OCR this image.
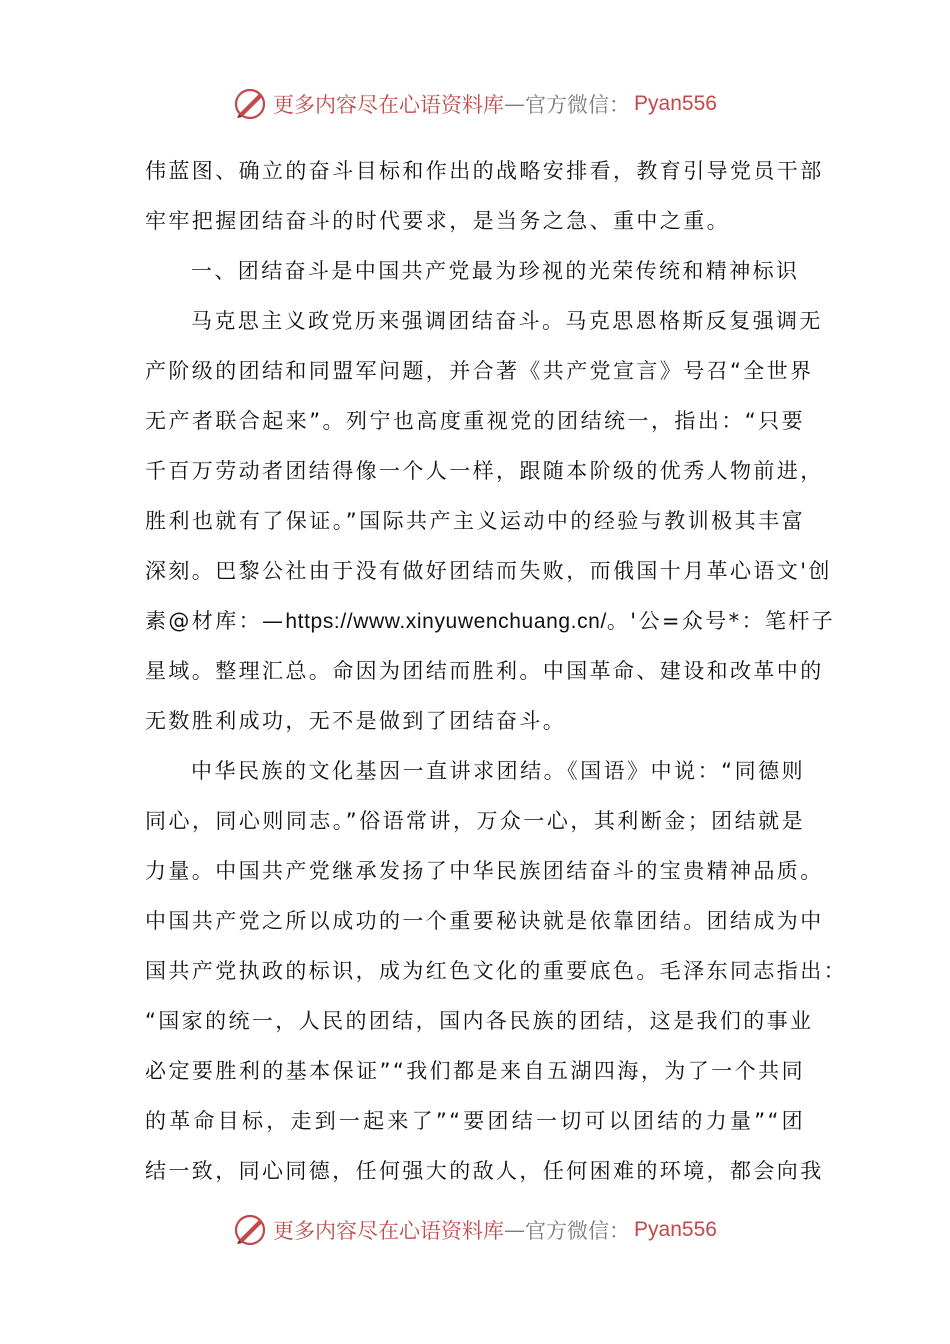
更多内容尽在心语资料库 — 官方微信： Pyan556
伟蓝图、确立的奋斗目标和作出的战略安排看，教育引导党员干部
牢牢把握团结奋斗的时代要求，是当务之急、重中之重。
一、团结奋斗是中国共产党最为珍视的光荣传统和精神标识
马克思主义政党历来强调团结奋斗。马克思恩格斯反复强调无
产阶级的团结和同盟军问题，并合著《共产党宣言》号召“全世界
无产者联合起来”。列宁也高度重视党的团结统一，指出：“只要
千百万劳动者团结得像一个人一样，跟随本阶级的优秀人物前进，
胜利也就有了保证。”国际共产主义运动中的经验与教训极其丰富
深刻。巴黎公社由于没有做好团结而失败，而俄国十月革心语文'创
素@材库：—https://www.xinyuwenchuang.cn/。'公=众号*：笔杆子
星域。整理汇总。命因为团结而胜利。中国革命、建设和改革中的
无数胜利成功，无不是做到了团结奋斗。
中华民族的文化基因一直讲求团结。《国语》中说：“同德则
同心，同心则同志。”俗语常讲，万众一心，其利断金；团结就是
力量。中国共产党继承发扬了中华民族团结奋斗的宝贵精神品质。
中国共产党之所以成功的一个重要秘诀就是依靠团结。团结成为中
国共产党执政的标识，成为红色文化的重要底色。毛泽东同志指出：
“国家的统一，人民的团结，国内各民族的团结，这是我们的事业
必定要胜利的基本保证”“我们都是来自五湖四海，为了一个共同
的革命目标，走到一起来了”“要团结一切可以团结的力量”“团
结一致，同心同德，任何强大的敌人，任何困难的环境，都会向我
更多内容尽在心语资料库 — 官方微信： Pyan556
